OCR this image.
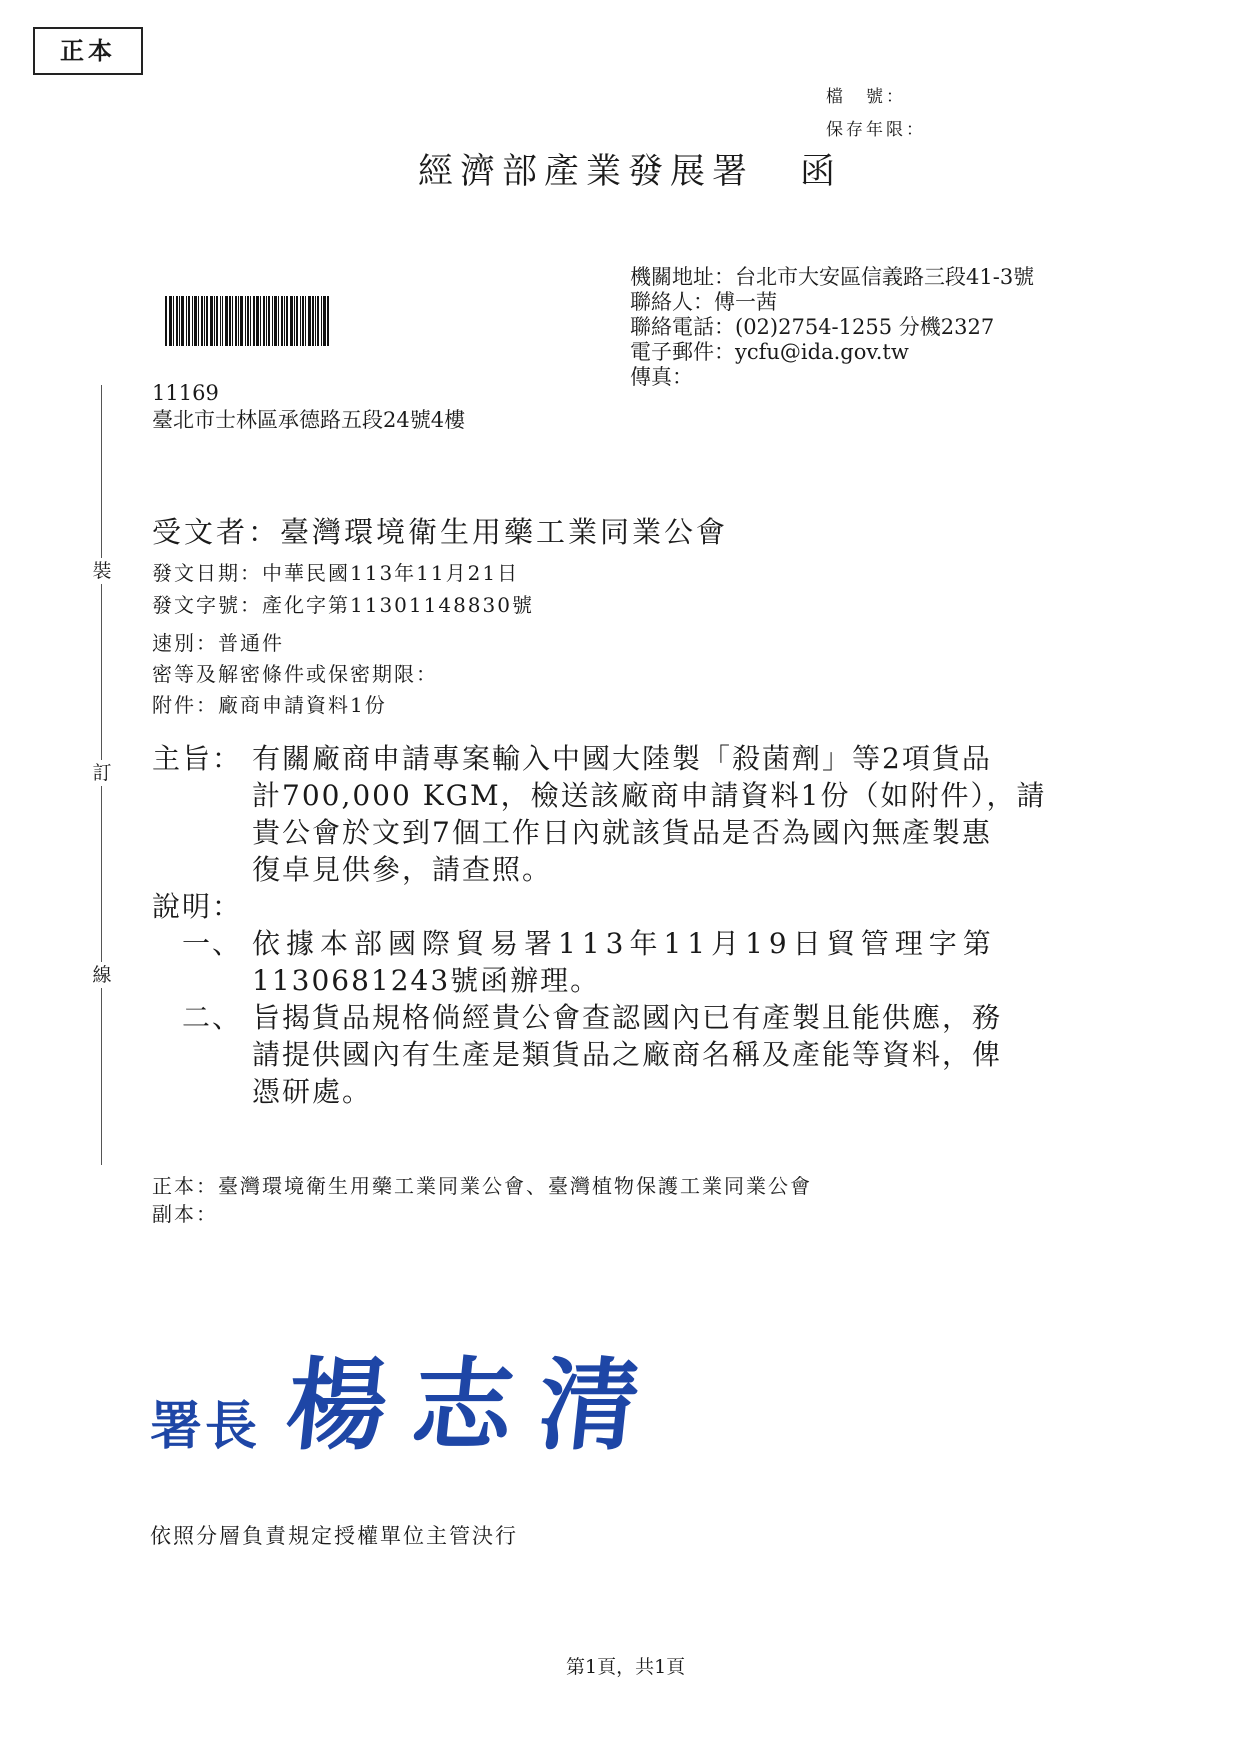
正本
檔　號：
保存年限：
經濟部產業發展署 函
機關地址：台北市大安區信義路三段41-3號
聯絡人：傅一茜
聯絡電話：(02)2754-1255 分機2327
電子郵件：ycfu@ida.gov.tw
傳真：
裝
訂
線
11169
臺北市士林區承德路五段24號4樓
受文者：臺灣環境衛生用藥工業同業公會
發文日期：中華民國113年11月21日
發文字號：產化字第11301148830號
速別：普通件
密等及解密條件或保密期限：
附件：廠商申請資料1份
主旨： 有關廠商申請專案輸入中國大陸製「殺菌劑」等2項貨品
計700,000 KGM，檢送該廠商申請資料1份（如附件），請
貴公會於文到7個工作日內就該貨品是否為國內無產製惠
復卓見供參，請查照。
說明：
一、 依據本部國際貿易署113年11月19日貿管理字第
1130681243號函辦理。
二、 旨揭貨品規格倘經貴公會查認國內已有產製且能供應，務
請提供國內有生產是類貨品之廠商名稱及產能等資料，俾
憑研處。
正本：臺灣環境衛生用藥工業同業公會、臺灣植物保護工業同業公會
副本：
署長 楊志清
依照分層負責規定授權單位主管決行
第1頁，共1頁
